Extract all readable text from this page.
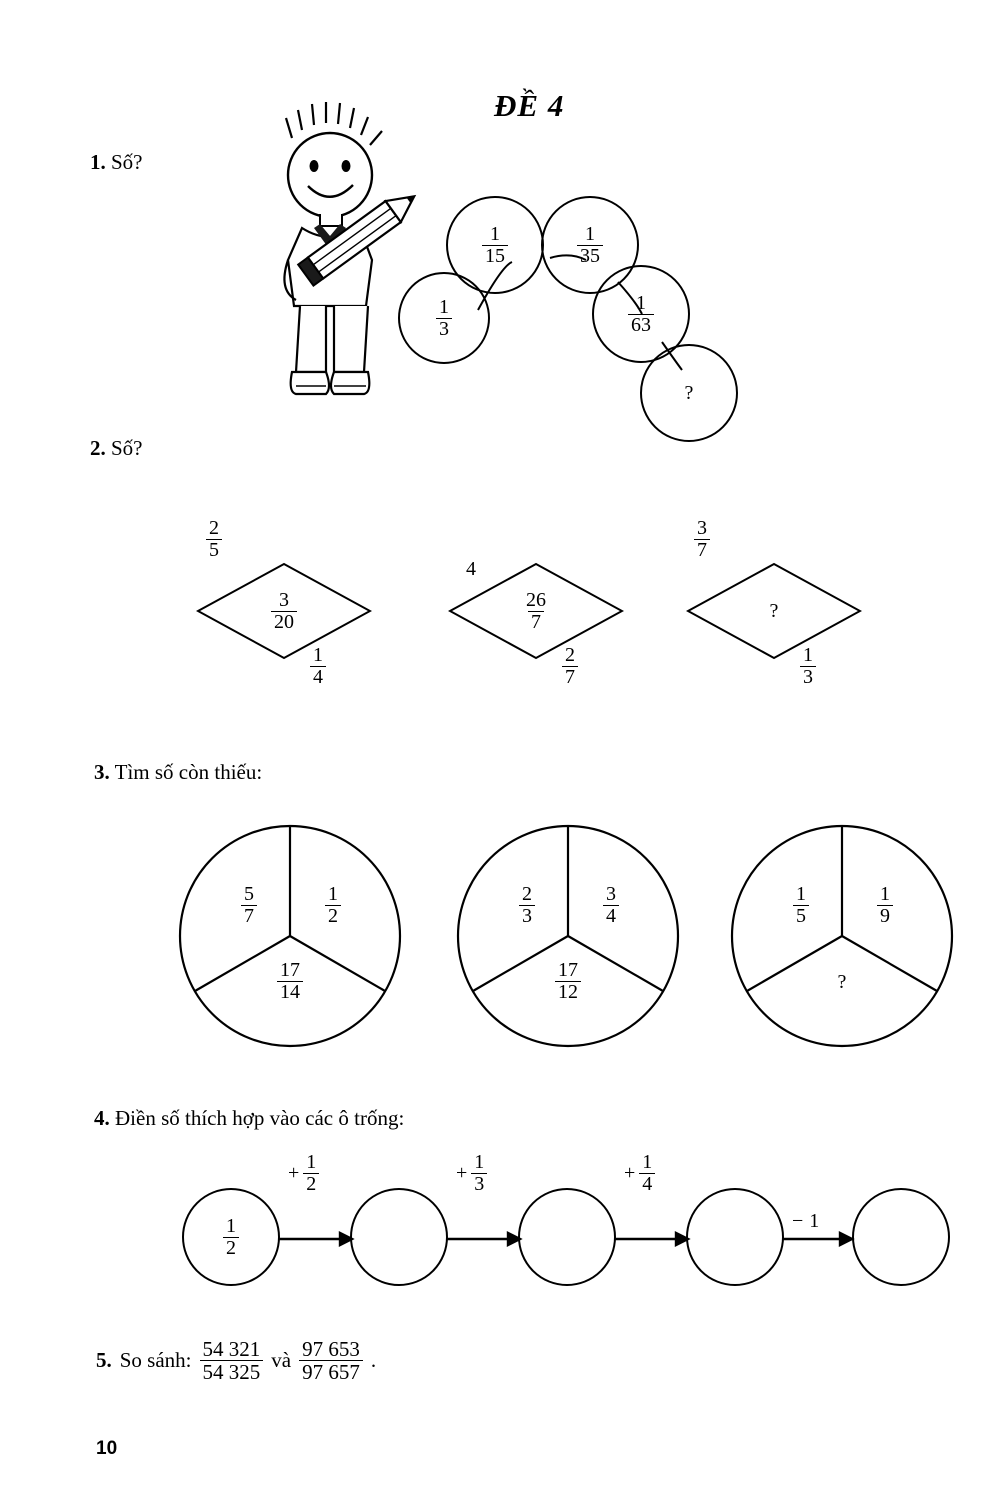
ĐỀ 4
1. Số?
$\frac{1}{3}$
$\frac{1}{15}$	$\frac{1}{35}$
$\frac{1}{63}$
?
2. Số?
$\frac{3}{20}$
$\frac{2}{5}$
$\frac{1}{4}$
$\frac{26}{7}$
4
$\frac{2}{7}$
?
$\frac{3}{7}$
$\frac{1}{3}$
3. Tìm số còn thiếu:
$\frac{5}{7}$	$\frac{1}{2}$
$\frac{17}{14}$
$\frac{2}{3}$	$\frac{3}{4}$
$\frac{17}{12}$
$\frac{1}{5}$	$\frac{1}{9}$
?
4. Điền số thích hợp vào các ô trống:
$\frac{1}{2}$
+ $\frac{1}{2}$	+ $\frac{1}{3}$	+ $\frac{1}{4}$
− 1
5. So sánh: $\frac{54 321}{54 325}$ và $\frac{97 653}{97 657}$ .
10
